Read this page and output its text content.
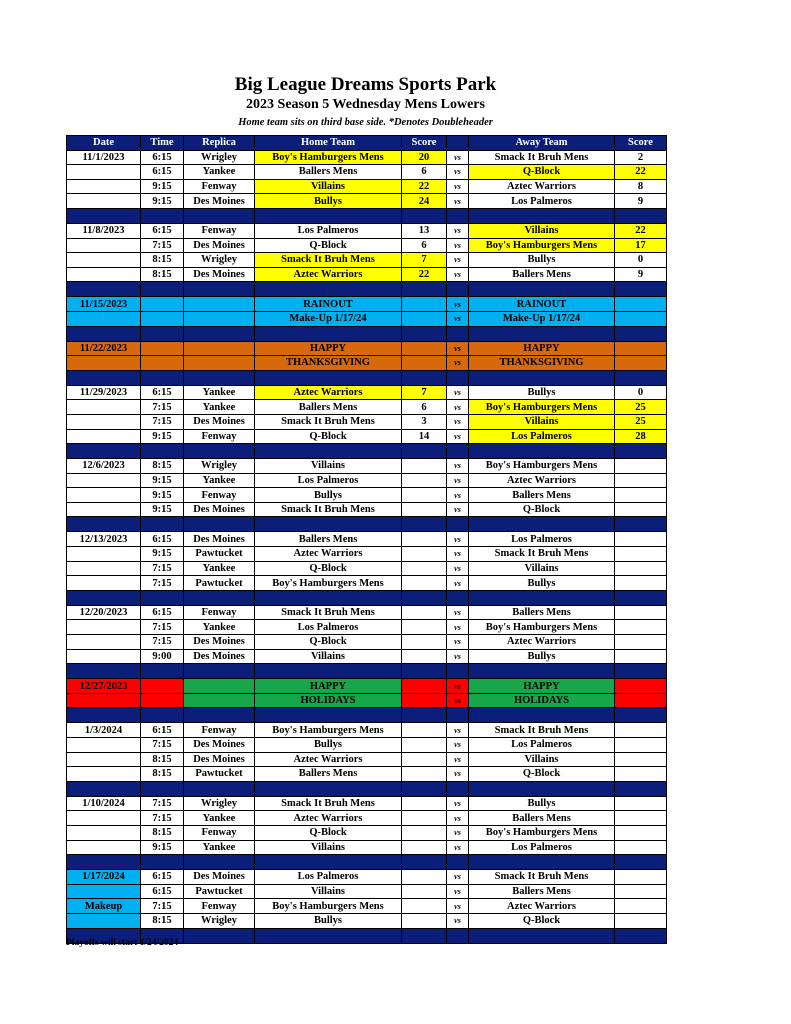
Big League Dreams Sports Park
2023 Season 5 Wednesday Mens Lowers
Home team sits on third base side. *Denotes Doubleheader
Date	Time	Replica	Home Team	Score		Away Team	Score
11/1/2023	6:15	Wrigley	Boy's Hamburgers Mens	20	vs	Smack It Bruh Mens	2
	6:15	Yankee	Ballers Mens	6	vs	Q-Block	22
	9:15	Fenway	Villains	22	vs	Aztec Warriors	8
	9:15	Des Moines	Bullys	24	vs	Los Palmeros	9

11/8/2023	6:15	Fenway	Los Palmeros	13	vs	Villains	22
	7:15	Des Moines	Q-Block	6	vs	Boy's Hamburgers Mens	17
	8:15	Wrigley	Smack It Bruh Mens	7	vs	Bullys	0
	8:15	Des Moines	Aztec Warriors	22	vs	Ballers Mens	9

11/15/2023			RAINOUT		vs	RAINOUT	
			Make-Up 1/17/24		vs	Make-Up 1/17/24	

11/22/2023			HAPPY		vs	HAPPY	
			THANKSGIVING		vs	THANKSGIVING	

11/29/2023	6:15	Yankee	Aztec Warriors	7	vs	Bullys	0
	7:15	Yankee	Ballers Mens	6	vs	Boy's Hamburgers Mens	25
	7:15	Des Moines	Smack It Bruh Mens	3	vs	Villains	25
	9:15	Fenway	Q-Block	14	vs	Los Palmeros	28

12/6/2023	8:15	Wrigley	Villains		vs	Boy's Hamburgers Mens	
	9:15	Yankee	Los Palmeros		vs	Aztec Warriors	
	9:15	Fenway	Bullys		vs	Ballers Mens	
	9:15	Des Moines	Smack It Bruh Mens		vs	Q-Block	

12/13/2023	6:15	Des Moines	Ballers Mens		vs	Los Palmeros	
	9:15	Pawtucket	Aztec Warriors		vs	Smack It Bruh Mens	
	7:15	Yankee	Q-Block		vs	Villains	
	7:15	Pawtucket	Boy's Hamburgers Mens		vs	Bullys	

12/20/2023	6:15	Fenway	Smack It Bruh Mens		vs	Ballers Mens	
	7:15	Yankee	Los Palmeros		vs	Boy's Hamburgers Mens	
	7:15	Des Moines	Q-Block		vs	Aztec Warriors	
	9:00	Des Moines	Villains		vs	Bullys	

12/27/2023			HAPPY		vs	HAPPY	
			HOLIDAYS		vs	HOLIDAYS	

1/3/2024	6:15	Fenway	Boy's Hamburgers Mens		vs	Smack It Bruh Mens	
	7:15	Des Moines	Bullys		vs	Los Palmeros	
	8:15	Des Moines	Aztec Warriors		vs	Villains	
	8:15	Pawtucket	Ballers Mens		vs	Q-Block	

1/10/2024	7:15	Wrigley	Smack It Bruh Mens		vs	Bullys	
	7:15	Yankee	Aztec Warriors		vs	Ballers Mens	
	8:15	Fenway	Q-Block		vs	Boy's Hamburgers Mens	
	9:15	Yankee	Villains		vs	Los Palmeros	

1/17/2024	6:15	Des Moines	Los Palmeros		vs	Smack It Bruh Mens	
	6:15	Pawtucket	Villains		vs	Ballers Mens	
Makeup	7:15	Fenway	Boy's Hamburgers Mens		vs	Aztec Warriors	
	8:15	Wrigley	Bullys		vs	Q-Block	

Playoffs will start 1/24/2024
